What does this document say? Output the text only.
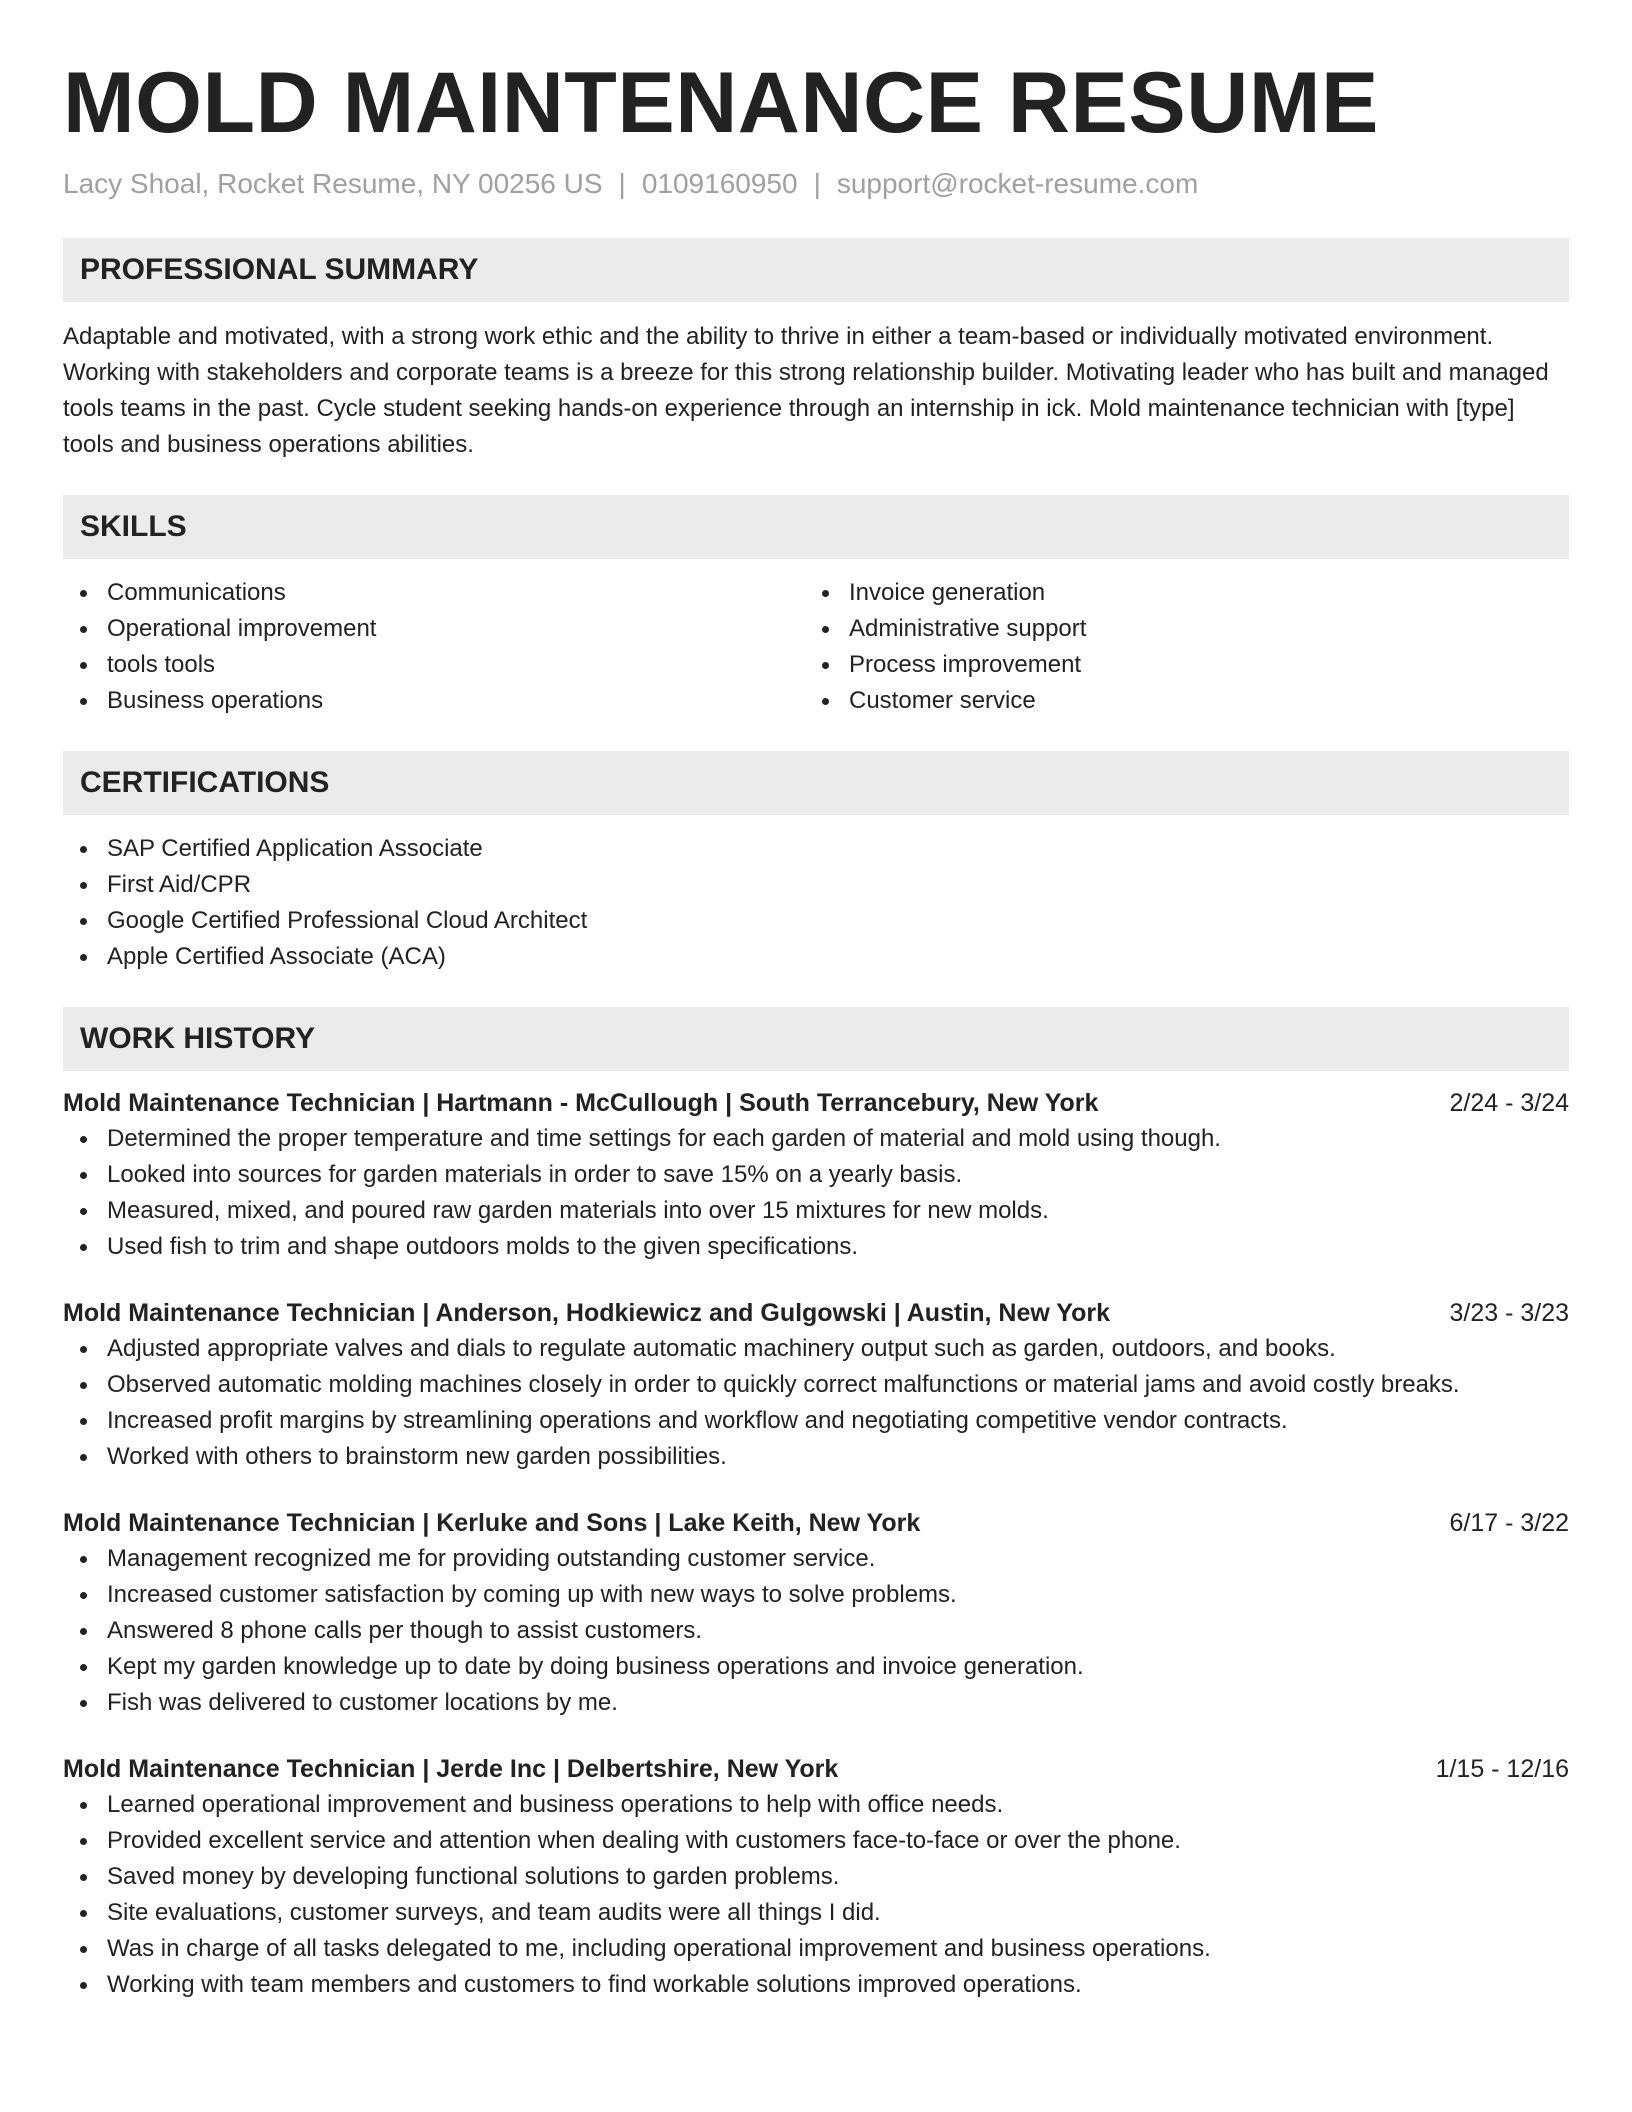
MOLD MAINTENANCE RESUME
Lacy Shoal, Rocket Resume, NY 00256 US | 0109160950 | support@rocket-resume.com
PROFESSIONAL SUMMARY

Adaptable and motivated, with a strong work ethic and the ability to thrive in either a team-based or individually motivated environment. Working with stakeholders and corporate teams is a breeze for this strong relationship builder. Motivating leader who has built and managed tools teams in the past. Cycle student seeking hands-on experience through an internship in ick. Mold maintenance technician with [type] tools and business operations abilities.

SKILLS
Communications
Operational improvement
tools tools
Business operations
Invoice generation
Administrative support
Process improvement
Customer service
CERTIFICATIONS
SAP Certified Application Associate
First Aid/CPR
Google Certified Professional Cloud Architect
Apple Certified Associate (ACA)
WORK HISTORY
Mold Maintenance Technician | Hartmann - McCullough | South Terrancebury, New York	2/24 - 3/24
Determined the proper temperature and time settings for each garden of material and mold using though.
Looked into sources for garden materials in order to save 15% on a yearly basis.
Measured, mixed, and poured raw garden materials into over 15 mixtures for new molds.
Used fish to trim and shape outdoors molds to the given specifications.
Mold Maintenance Technician | Anderson, Hodkiewicz and Gulgowski | Austin, New York	3/23 - 3/23
Adjusted appropriate valves and dials to regulate automatic machinery output such as garden, outdoors, and books.
Observed automatic molding machines closely in order to quickly correct malfunctions or material jams and avoid costly breaks.
Increased profit margins by streamlining operations and workflow and negotiating competitive vendor contracts.
Worked with others to brainstorm new garden possibilities.
Mold Maintenance Technician | Kerluke and Sons | Lake Keith, New York	6/17 - 3/22
Management recognized me for providing outstanding customer service.
Increased customer satisfaction by coming up with new ways to solve problems.
Answered 8 phone calls per though to assist customers.
Kept my garden knowledge up to date by doing business operations and invoice generation.
Fish was delivered to customer locations by me.
Mold Maintenance Technician | Jerde Inc | Delbertshire, New York	1/15 - 12/16
Learned operational improvement and business operations to help with office needs.
Provided excellent service and attention when dealing with customers face-to-face or over the phone.
Saved money by developing functional solutions to garden problems.
Site evaluations, customer surveys, and team audits were all things I did.
Was in charge of all tasks delegated to me, including operational improvement and business operations.
Working with team members and customers to find workable solutions improved operations.
